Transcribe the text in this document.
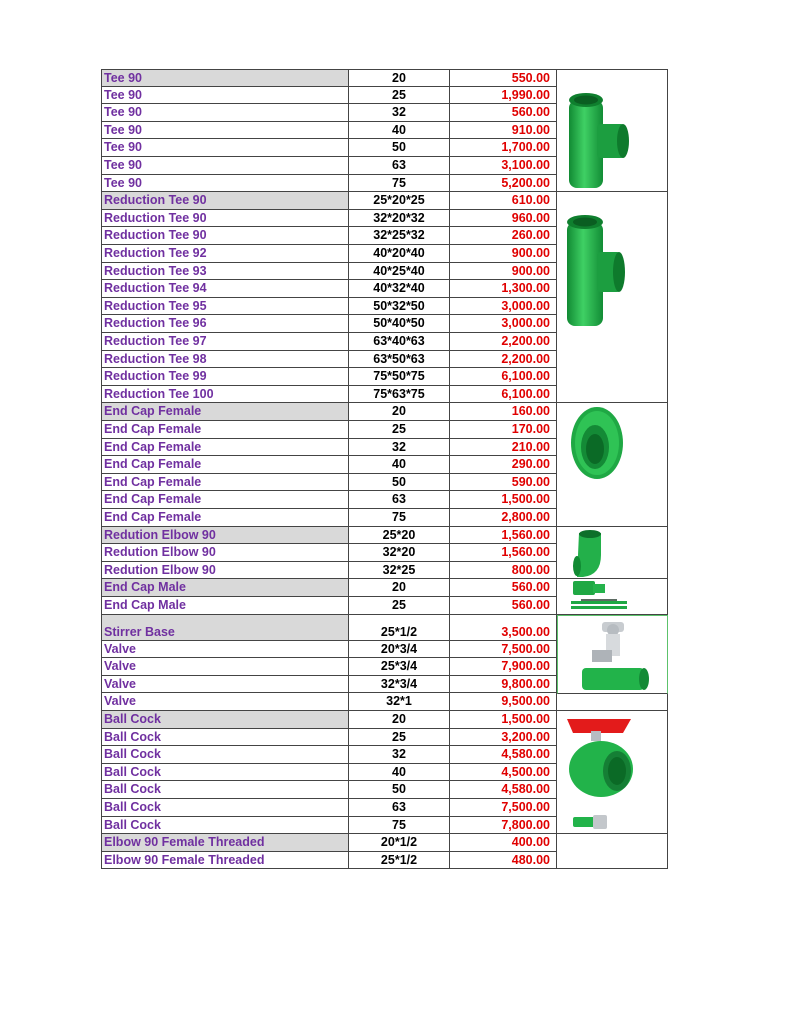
Tee 90	20	550.00
Tee 90	25	1,990.00
Tee 90	32	560.00
Tee 90	40	910.00
Tee 90	50	1,700.00
Tee 90	63	3,100.00
Tee 90	75	5,200.00
Reduction Tee 90	25*20*25	610.00
Reduction Tee 90	32*20*32	960.00
Reduction Tee 90	32*25*32	260.00
Reduction Tee 92	40*20*40	900.00
Reduction Tee 93	40*25*40	900.00
Reduction Tee 94	40*32*40	1,300.00
Reduction Tee 95	50*32*50	3,000.00
Reduction Tee 96	50*40*50	3,000.00
Reduction Tee 97	63*40*63	2,200.00
Reduction Tee 98	63*50*63	2,200.00
Reduction Tee 99	75*50*75	6,100.00
Reduction Tee 100	75*63*75	6,100.00
End Cap Female	20	160.00
End Cap Female	25	170.00
End Cap Female	32	210.00
End Cap Female	40	290.00
End Cap Female	50	590.00
End Cap Female	63	1,500.00
End Cap Female	75	2,800.00
Redution Elbow 90	25*20	1,560.00
Redution Elbow 90	32*20	1,560.00
Redution Elbow 90	32*25	800.00
End Cap Male	20	560.00
End Cap Male	25	560.00
Stirrer Base	25*1/2	3,500.00
Valve	20*3/4	7,500.00
Valve	25*3/4	7,900.00
Valve	32*3/4	9,800.00
Valve	32*1	9,500.00
Ball Cock	20	1,500.00
Ball Cock	25	3,200.00
Ball Cock	32	4,580.00
Ball Cock	40	4,500.00
Ball Cock	50	4,580.00
Ball Cock	63	7,500.00
Ball Cock	75	7,800.00
Elbow 90 Female Threaded	20*1/2	400.00
Elbow 90 Female Threaded	25*1/2	480.00
